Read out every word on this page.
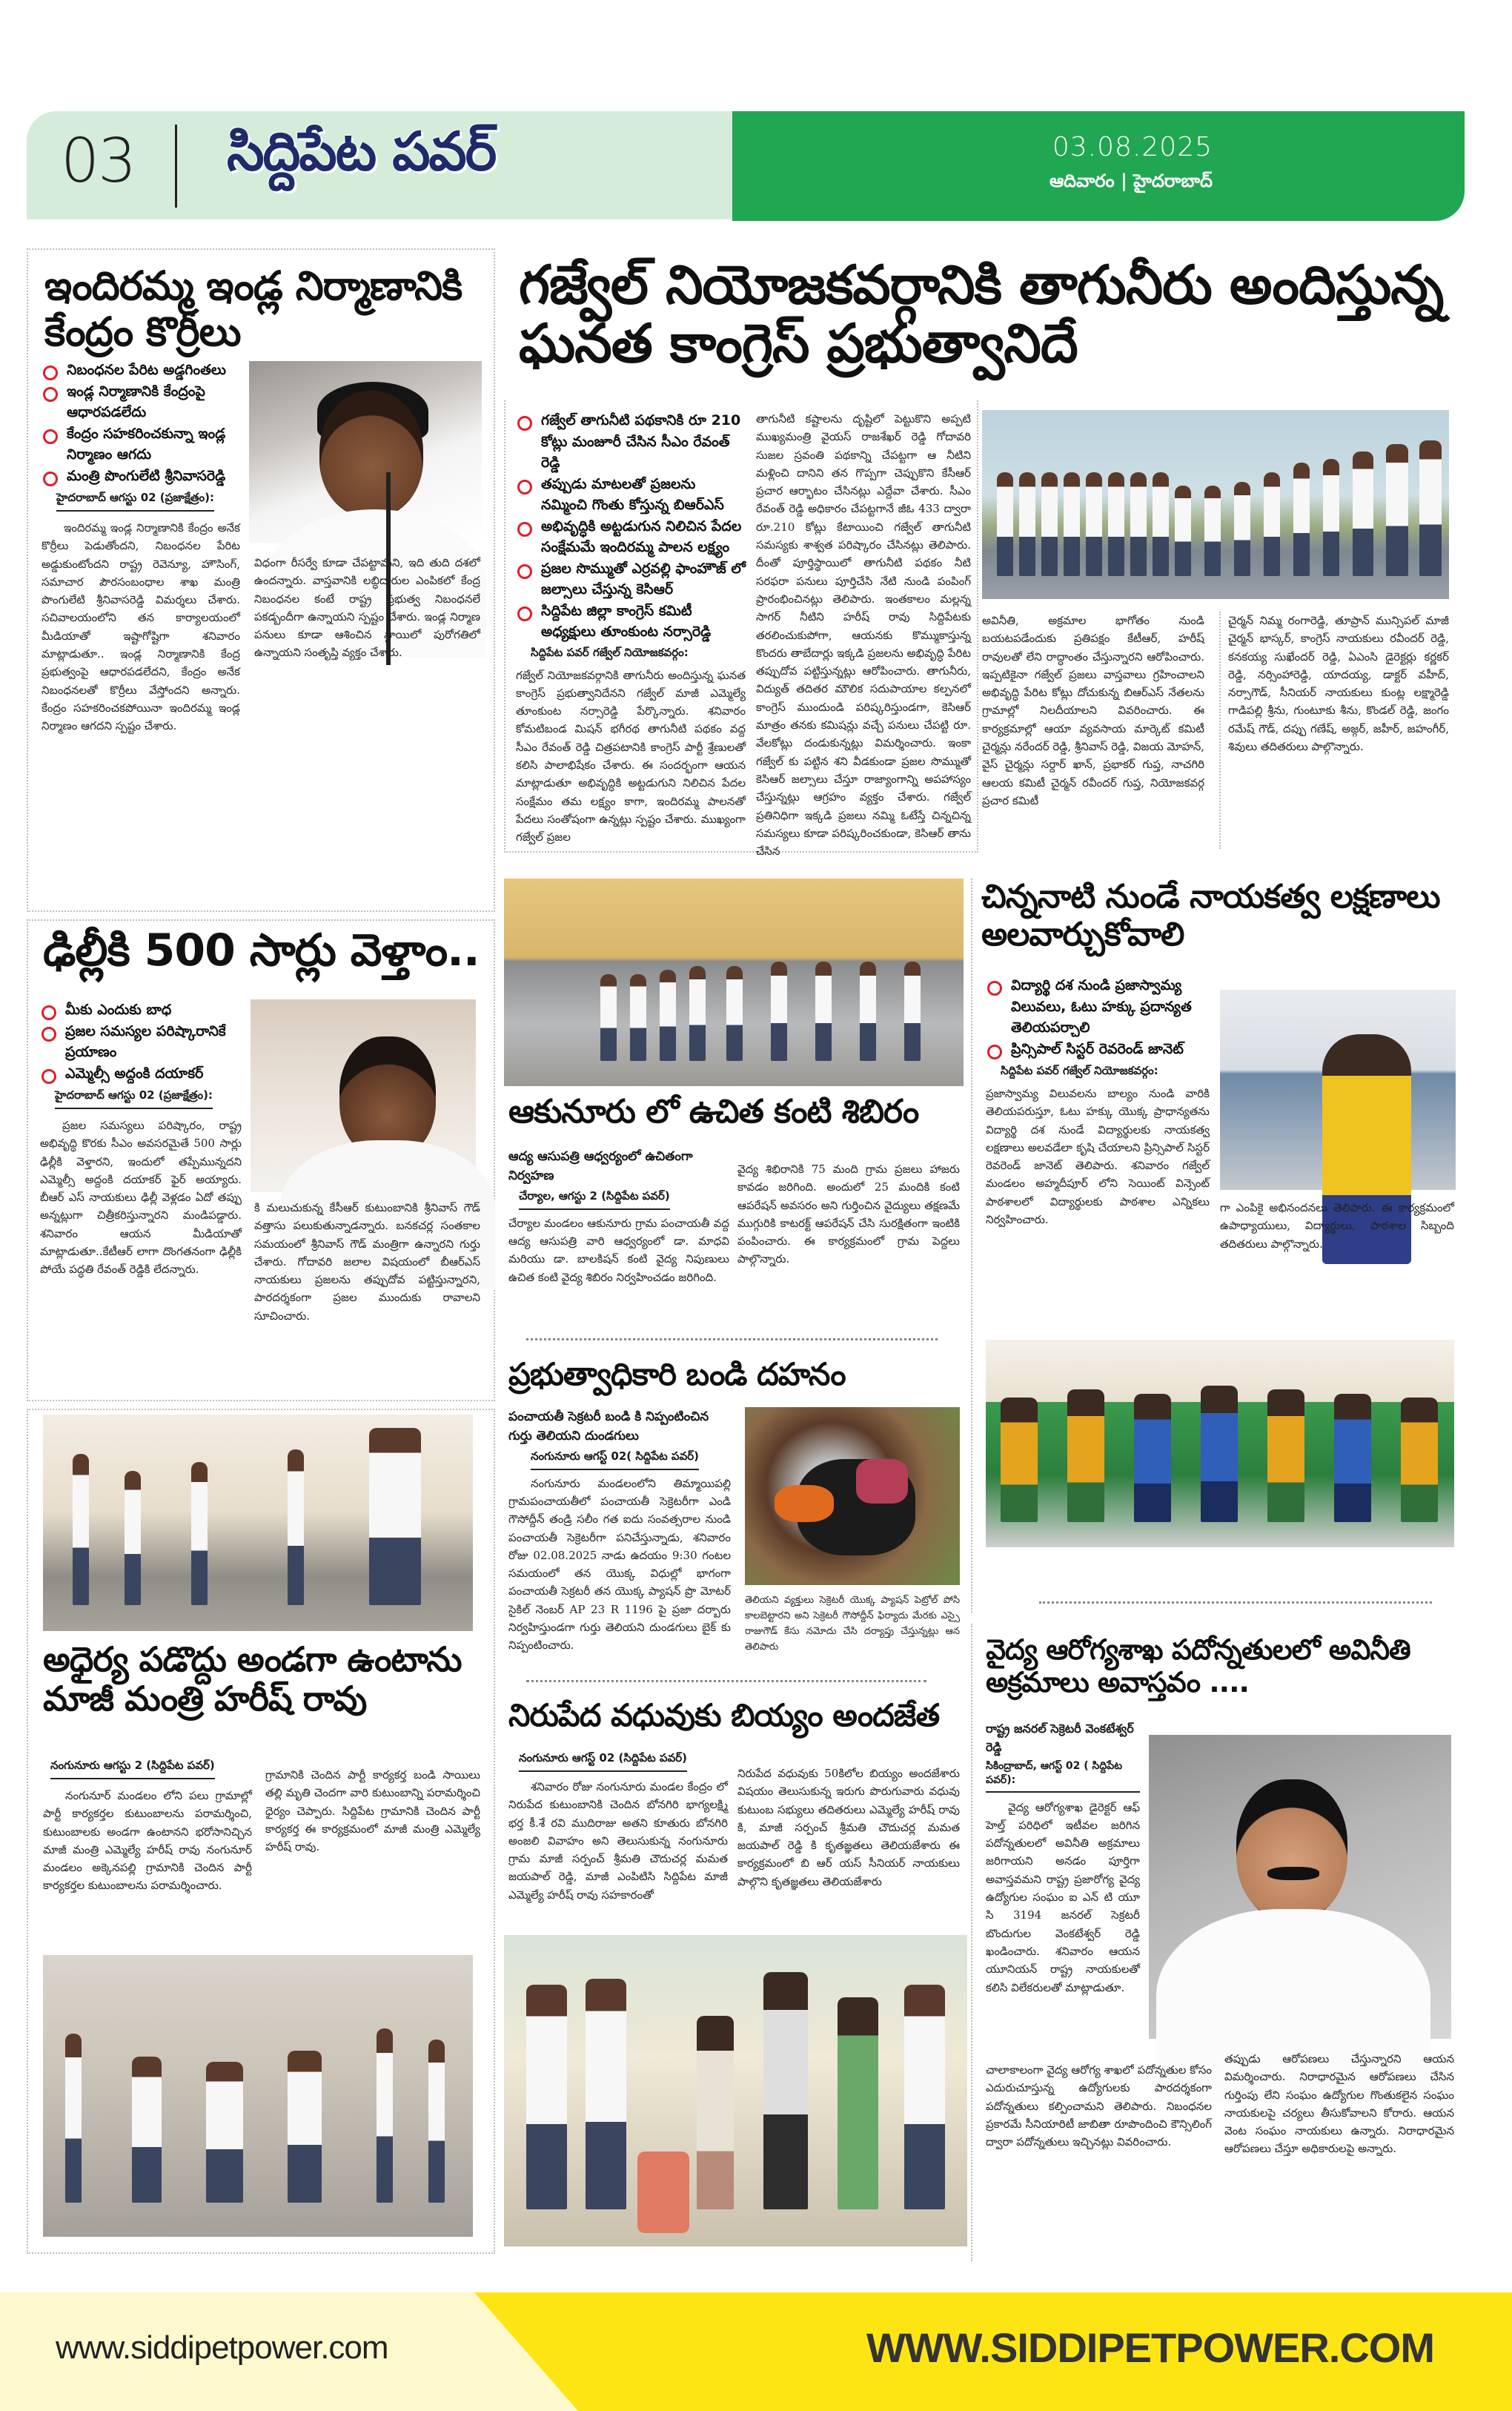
03 సిద్దిపేట పవర్	03.08.2025
ఆదివారం | హైదరాబాద్
ఇందిరమ్మ ఇండ్ల నిర్మాణానికి కేంద్రం కొర్రీలు
నిబంధనల పేరిట అడ్డగింతలు
ఇండ్ల నిర్మాణానికి కేంద్రంపై ఆధారపడలేదు
కేంద్రం సహకరించకున్నా ఇండ్ల నిర్మాణం ఆగదు
మంత్రి పొంగులేటి శ్రీనివాసరెడ్డి
హైదరాబాద్ ఆగస్టు 02 (ప్రజాక్షేత్రం):

ఇందిరమ్మ ఇండ్ల నిర్మాణానికి కేంద్రం అనేక కొర్రీలు పెడుతోందని, నిబంధనల పేరిట అడ్డుకుంటోందని రాష్ట్ర రెవెన్యూ, హౌసింగ్, సమాచార పౌరసంబంధాల శాఖ మంత్రి పొంగులేటి శ్రీనివాసరెడ్డి విమర్శలు చేశారు. సచివాలయంలోని తన కార్యాలయంలో మీడియాతో ఇష్టాగోష్టిగా శనివారం మాట్లాడుతూ.. ఇండ్ల నిర్మాణానికి కేంద్ర ప్రభుత్వంపై ఆధారపడలేదని, కేంద్రం అనేక నిబంధనలతో కొర్రీలు వేస్తోందని అన్నారు. కేంద్రం సహకరించకపోయినా ఇందిరమ్మ ఇండ్ల నిర్మాణం ఆగదని స్పష్టం చేశారు.

విధంగా రీసర్వే కూడా చేపట్టామని, ఇది తుది దశలో ఉందన్నారు. వాస్తవానికి లబ్ధిదారుల ఎంపికలో కేంద్ర నిబంధనల కంటే రాష్ట్ర ప్రభుత్వ నిబంధనలే పకడ్బందీగా ఉన్నాయని స్పష్టం చేశారు. ఇండ్ల నిర్మాణ పనులు కూడా ఆశించిన స్థాయిలో పురోగతిలో ఉన్నాయని సంతృప్తి వ్యక్తం చేశారు.

ఢిల్లీకి 500 సార్లు వెళ్తాం..
మీకు ఎందుకు బాధ
ప్రజల సమస్యల పరిష్కారానికే ప్రయాణం
ఎమ్మెల్సీ అద్దంకి దయాకర్
హైదరాబాద్ ఆగస్టు 02 (ప్రజాక్షేత్రం):

ప్రజల సమస్యలు పరిష్కారం, రాష్ట్ర అభివృద్ధి కొరకు సీఎం అవసరమైతే 500 సార్లు ఢిల్లీకి వెళ్తారని, ఇందులో తప్పేమున్నదని ఎమ్మెల్సీ అద్దంకి దయాకర్ ఫైర్ అయ్యారు. బీఆర్ ఎస్ నాయకులు ఢిల్లీ వెళ్లడం ఏదో తప్పు అన్నట్లుగా చిత్రీకరిస్తున్నారని మండిపడ్డారు. శనివారం ఆయన మీడియాతో మాట్లాడుతూ..కేటీఆర్ లాగా దొంగతనంగా ఢిల్లీకి పోయే పద్ధతి రేవంత్ రెడ్డికి లేదన్నారు.

కి మలుచుకున్న కేసీఆర్ కుటుంబానికి శ్రీనివాస్ గౌడ్ వత్తాసు పలుకుతున్నాడన్నారు. బనకచర్ల సంతకాల సమయంలో శ్రీనివాస్ గౌడ్ మంత్రిగా ఉన్నారని గుర్తు చేశారు. గోదావరి జలాల విషయంలో బీఆర్ఎస్ నాయకులు ప్రజలను తప్పుదోవ పట్టిస్తున్నారని, పారదర్శకంగా ప్రజల ముందుకు రావాలని సూచించారు.

అధైర్య పడొద్దు అండగా ఉంటాను మాజీ మంత్రి హరీష్ రావు
నంగునూరు ఆగస్టు 2 (సిద్దిపేట పవర్)

నంగునూర్ మండలం లోని పలు గ్రామాల్లో పార్టీ కార్యకర్తల కుటుంబాలను పరామర్శించి, కుటుంబాలకు అండగా ఉంటానని భరోసానిచ్చిన మాజీ మంత్రి ఎమ్మెల్యే హరీష్ రావు నంగునూర్ మండలం అక్కెనపల్లి గ్రామానికి చెందిన పార్టీ కార్యకర్తల కుటుంబాలను పరామర్శించారు.

గ్రామానికి చెందిన పార్టీ కార్యకర్త బండి సాయిలు తల్లి మృతి చెందగా వారి కుటుంబాన్ని పరామర్శించి ధైర్యం చెప్పారు. సిద్దిపేట గ్రామానికి చెందిన పార్టీ కార్యకర్త ఈ కార్యక్రమంలో మాజీ మంత్రి ఎమ్మెల్యే హరీష్ రావు.

గజ్వేల్ నియోజకవర్గానికి తాగునీరు అందిస్తున్న ఘనత కాంగ్రెస్ ప్రభుత్వానిదే
గజ్వేల్ తాగునీటి పథకానికి రూ 210 కోట్లు మంజూరీ చేసిన సీఎం రేవంత్ రెడ్డి
తప్పుడు మాటలతో ప్రజలను నమ్మించి గొంతు కోస్తున్న బిఆర్ఎస్
అభివృద్ధికి అట్టడుగున నిలిచిన పేదల సంక్షేమమే ఇందిరమ్మ పాలన లక్ష్యం
ప్రజల సొమ్ముతో ఎర్రవల్లి ఫాంహౌజ్ లో జల్సాలు చేస్తున్న కెసిఆర్
సిద్దిపేట జిల్లా కాంగ్రెస్ కమిటీ అధ్యక్షులు తూంకుంట నర్సారెడ్డి
సిద్దిపేట పవర్ గజ్వేల్ నియోజకవర్గం:

గజ్వేల్ నియోజకవర్గానికి తాగునీరు అందిస్తున్న ఘనత కాంగ్రెస్ ప్రభుత్వానిదేనని గజ్వేల్ మాజీ ఎమ్మెల్యే తూంకుంట నర్సారెడ్డి పేర్కొన్నారు. శనివారం కోమటిబండ మిషన్ భగీరథ తాగునీటి పథకం వద్ద సీఎం రేవంత్ రెడ్డి చిత్రపటానికి కాంగ్రెస్ పార్టీ శ్రేణులతో కలిసి పాలాభిషేకం చేశారు. ఈ సందర్భంగా ఆయన మాట్లాడుతూ అభివృద్ధికి అట్టడుగుని నిలిచిన పేదల సంక్షేమం తమ లక్ష్యం కాగా, ఇందిరమ్మ పాలనతో పేదలు సంతోషంగా ఉన్నట్లు స్పష్టం చేశారు. ముఖ్యంగా గజ్వేల్ ప్రజల

తాగునీటి కష్టాలను దృష్టిలో పెట్టుకొని అప్పటి ముఖ్యమంత్రి వైయస్ రాజశేఖర్ రెడ్డి గోదావరి సుజల స్రవంతి పథకాన్ని చేపట్టగా ఆ నీటిని మళ్లించి దానిని తన గొప్పగా చెప్పుకొని కేసీఆర్ ప్రచార ఆర్భాటం చేసినట్లు ఎద్దేవా చేశారు. సీఎం రేవంత్ రెడ్డి అధికారం చేపట్టగానే జీఓ 433 ద్వారా రూ.210 కోట్లు కేటాయించి గజ్వేల్ తాగునీటి సమస్యకు శాశ్వత పరిష్కారం చేసినట్లు తెలిపారు. దీంతో పూర్తిస్థాయిలో తాగునీటి పథకం నీటి సరఫరా పనులు పూర్తిచేసి నేటి నుండి పంపింగ్ ప్రారంభించినట్లు తెలిపారు. ఇంతకాలం మల్లన్న సాగర్ నీటిని హరీష్ రావు సిద్దిపేటకు తరలించుకుపోగా, ఆయనకు కొమ్ముకాస్తున్న కొందరు తాబేదార్లు ఇక్కడి ప్రజలను అభివృద్ధి పేరిట తప్పుదోవ పట్టిస్తున్నట్లు ఆరోపించారు. తాగునీరు, విద్యుత్ తదితర మౌలిక సదుపాయాల కల్పనలో కాంగ్రెస్ ముందుండి పరిష్కరిస్తుండగా, కెసిఆర్ మాత్రం తనకు కమిషన్లు వచ్చే పనులు చేపట్టి రూ. వేలకోట్లు దండుకున్నట్లు విమర్శించారు. ఇంకా గజ్వేల్ కు పట్టిన శని వీడకుండా ప్రజల సొమ్ముతో కెసిఆర్ జల్సాలు చేస్తూ రాజ్యాంగాన్ని అపహాస్యం చేస్తున్నట్లు ఆగ్రహం వ్యక్తం చేశారు. గజ్వేల్ ప్రతినిధిగా ఇక్కడి ప్రజలు నమ్మి ఓటేస్తే చిన్నచిన్న సమస్యలు కూడా పరిష్కరించకుండా, కెసిఆర్ తాను చేసిన

అవినీతి, అక్రమాల భాగోతం నుండి బయటపడేందుకు ప్రతిపక్షం కేటీఆర్, హరీష్ రావులతో లేని రాద్ధాంతం చేస్తున్నారని ఆరోపించారు. ఇప్పటికైనా గజ్వేల్ ప్రజలు వాస్తవాలు గ్రహించాలని అభివృద్ధి పేరిట కోట్లు దోచుకున్న బిఆర్ఎస్ నేతలను గ్రామాల్లో నిలదీయాలని వివరించారు. ఈ కార్యక్రమాల్లో ఆయా వ్యవసాయ మార్కెట్ కమిటీ చైర్మన్లు నరేందర్ రెడ్డి, శ్రీనివాస్ రెడ్డి, విజయ మోహన్, వైస్ చైర్మన్లు సర్దార్ ఖాన్, ప్రభాకర్ గుప్త, నాచగిరి ఆలయ కమిటీ చైర్మన్ రవీందర్ గుప్త, నియోజకవర్గ ప్రచార కమిటీ

చైర్మన్ నిమ్మ రంగారెడ్డి, తూప్రాన్ మున్సిపల్ మాజీ చైర్మన్ భాస్కర్, కాంగ్రెస్ నాయకులు రవీందర్ రెడ్డి, కనకయ్య సుఖేందర్ రెడ్డి, ఏఎంసి డైరెక్టర్లు కర్ణకర్ రెడ్డి, నర్సింహారెడ్డి, యాదయ్య, డాక్టర్ వహీద్, నర్సాగౌడ్, సీనియర్ నాయకులు కుంట్ల లక్ష్మారెడ్డి గాడిపల్లి శ్రీను, గుంటూకు శీను, కొండల్ రెడ్డి, జంగం రమేష్ గౌడ్, దప్పు గణేష్, అజ్గర్, జహీర్, జహంగీర్, శివులు తదితరులు పాల్గొన్నారు.

ఆకునూరు లో ఉచిత కంటి శిబిరం
ఆద్య ఆసుపత్రి ఆధ్వర్యంలో ఉచితంగా నిర్వహణ
చేర్యాల, ఆగస్టు 2 (సిద్దిపేట పవర్)

చేర్యాల మండలం ఆకునూరు గ్రామ పంచాయతీ వద్ద ఆద్య ఆసుపత్రి వారి ఆధ్వర్యంలో డా. మాధవి మరియు డా. బాలకిషన్ కంటి వైద్య నిపుణులు ఉచిత కంటి వైద్య శిబిరం నిర్వహించడం జరిగింది.

వైద్య శిభిరానికి 75 మంది గ్రామ ప్రజలు హాజరు కావడం జరిగింది. అందులో 25 మందికి కంటి ఆపరేషన్ అవసరం అని గుర్తించిన వైద్యులు తక్షణమే ముగ్గురికి కాటరక్ట్ ఆపరేషన్ చేసి సురక్షితంగా ఇంటికి పంపించారు. ఈ కార్యక్రమంలో గ్రామ పెద్దలు పాల్గొన్నారు.

ప్రభుత్వాధికారి బండి దహనం
పంచాయతీ సెక్రటరీ బండి కి నిప్పంటించిన గుర్తు తెలియని దుండగులు
నంగునూరు ఆగస్ట్ 02( సిద్దిపేట పవర్)

నంగునూరు మండలంలోని తిమ్మాయిపల్లి గ్రామపంచాయతీలో పంచాయతీ సెక్రెటరీగా ఎండి గౌసోద్దీన్ తండ్రి సలీం గత ఐదు సంవత్సరాల నుండి పంచాయతీ సెక్రెటరీగా పనిచేస్తున్నాడు, శనివారం రోజు 02.08.2025 నాడు ఉదయం 9:30 గంటల సమయంలో తన యొక్క విధుల్లో భాగంగా పంచాయతీ సెక్రటరీ తన యొక్క ప్యాషన్ ప్రొ మోటర్ సైకిల్ నెంబర్ AP 23 R 1196 పై ప్రజా దర్బారు నిర్వహిస్తుండగా గుర్తు తెలియని దుండగులు బైక్ కు నిప్పంటించారు.

తెలియని వ్యక్తులు సెక్రెటరీ యొక్క ప్యాషన్ పెట్రోల్ పోసి కాలబెట్టారని అని సెక్రెటరీ గౌసోద్దీన్ ఫిర్యాదు మేరకు ఎస్సై రాజుగౌడ్ కేసు నమోదు చేసి దర్యాప్తు చేస్తున్నట్లు ఆన తెలిపారు

నిరుపేద వధువుకు బియ్యం అందజేత
నంగునూరు ఆగస్ట్ 02 (సిద్దిపేట పవర్)

శనివారం రోజు నంగునూరు మండల కేంద్రం లో నిరుపేద కుటుంబానికి చెందిన బోనగిరి భాగ్యలక్ష్మి భర్త కీ.శే రవి ముదిరాజు అతని కూతురు బోనగిరి అంజలి వివాహం అని తెలుసుకున్న నంగునూరు గ్రామ మాజీ సర్పంచ్ శ్రీమతి చౌదుచర్ల మమత జయపాల్ రెడ్డి, మాజీ ఎంపిటిసి సిద్దిపేట మాజీ ఎమ్మెల్యే హరీష్ రావు సహకారంతో

నిరుపేద వధువుకు 50కిలోల బియ్యం అందజేశారు విషయం తెలుసుకున్న ఇరుగు పొరుగువారు వధువు కుటుంబ సభ్యులు తదితరులు ఎమ్మెల్యే హరీష్ రావు కి, మాజీ సర్పంచ్ శ్రీమతి చౌదుచర్ల మమత జయపాల్ రెడ్డి కి కృతజ్ఞతలు తెలియజేశారు ఈ కార్యక్రమంలో బి ఆర్ యస్ సీనియర్ నాయకులు పాల్గొని కృతజ్ఞతలు తెలియజేశారు

చిన్ననాటి నుండే నాయకత్వ లక్షణాలు అలవార్చుకోవాలి
విద్యార్థి దశ నుండి ప్రజాస్వామ్య విలువలు, ఓటు హక్కు ప్రదాన్యత తెలియపర్చాలి
ప్రిన్సిపాల్ సిస్టర్ రెవరెండ్ జానెట్
సిద్దిపేట పవర్ గజ్వేల్ నియోజకవర్గం:

ప్రజాస్వామ్య విలువలను బాల్యం నుండి వారికి తెలియపరుస్తూ, ఓటు హక్కు యొక్క ప్రాధాన్యతను విద్యార్థి దశ నుండే విద్యార్థులకు నాయకత్వ లక్షణాలు అలవడేలా కృషి చేయాలని ప్రిన్సిపాల్ సిస్టర్ రెవరెండ్ జానెట్ తెలిపారు. శనివారం గజ్వేల్ మండలం అహ్మదీపూర్ లోని సెయింట్ విన్సెంట్ పాఠశాలలో విద్యార్థులకు పాఠశాల ఎన్నికలు నిర్వహించారు.

గా ఎంపికై అభినందనలు తెలిపారు. ఈ కార్యక్రమంలో ఉపాధ్యాయులు, విద్యార్థులు, పాఠశాల సిబ్బంది తదితరులు పాల్గొన్నారు.

వైద్య ఆరోగ్యశాఖ పదోన్నతులలో అవినీతి అక్రమాలు అవాస్తవం ....
రాష్ట్ర జనరల్ సెక్రెటరీ వెంకటేశ్వర్ రెడ్డి
సికింద్రాబాద్, ఆగస్ట్ 02 ( సిద్దిపేట పవర్):

వైద్య ఆరోగ్యశాఖ డైరెక్టర్ ఆఫ్ హెల్త్ పరిధిలో ఇటీవల జరిగిన పదోన్నతులలో అవినీతి అక్రమాలు జరిగాయని అనడం పూర్తిగా అవాస్తవమని రాష్ట్ర ప్రజారోగ్య వైద్య ఉద్యోగుల సంఘం ఐ ఎన్ టి యూ సి 3194 జనరల్ సెక్రటరీ బొందుగుల వెంకటేశ్వర్ రెడ్డి ఖండించారు. శనివారం ఆయన యూనియన్ రాష్ట్ర నాయకులతో కలిసి విలేకరులతో మాట్లాడుతూ.

చాలాకాలంగా వైద్య ఆరోగ్య శాఖలో పదోన్నతుల కోసం ఎదురుచూస్తున్న ఉద్యోగులకు పారదర్శకంగా పదోన్నతులు కల్పించామని తెలిపారు. నిబంధనల ప్రకారమే సీనియారిటీ జాబితా రూపొందించి కౌన్సిలింగ్ ద్వారా పదోన్నతులు ఇచ్చినట్లు వివరించారు.

తప్పుడు ఆరోపణలు చేస్తున్నారని ఆయన విమర్శించారు. నిరాధారమైన ఆరోపణలు చేసిన గుర్తింపు లేని సంఘం ఉద్యోగుల గొంతుకలైన సంఘం నాయకులపై చర్యలు తీసుకోవాలని కోరారు. ఆయన వెంట సంఘం నాయకులు ఉన్నారు. నిరాధారమైన ఆరోపణలు చేస్తూ అధికారులపై అన్నారు.

www.siddipetpower.com	WWW.SIDDIPETPOWER.COM
